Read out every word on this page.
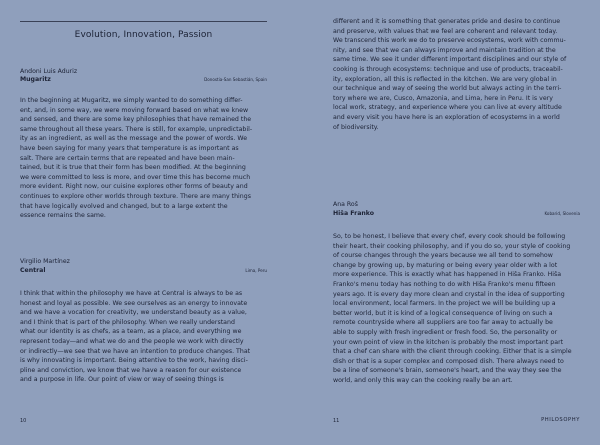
Evolution, Innovation, Passion
Andoni Luis Aduriz
Mugaritz	Donostia-San Sebastián, Spain
In the beginning at Mugaritz, we simply wanted to do something differ-
ent, and, in some way, we were moving forward based on what we knew
and sensed, and there are some key philosophies that have remained the
same throughout all these years. There is still, for example, unpredictabil-
ity as an ingredient, as well as the message and the power of words. We
have been saying for many years that temperature is as important as
salt. There are certain terms that are repeated and have been main-
tained, but it is true that their form has been modified. At the beginning
we were committed to less is more, and over time this has become much
more evident. Right now, our cuisine explores other forms of beauty and
continues to explore other worlds through texture. There are many things
that have logically evolved and changed, but to a large extent the
essence remains the same.
Virgilio Martínez
Central	Lima, Peru
I think that within the philosophy we have at Central is always to be as
honest and loyal as possible. We see ourselves as an energy to innovate
and we have a vocation for creativity, we understand beauty as a value,
and I think that is part of the philosophy. When we really understand
what our identity is as chefs, as a team, as a place, and everything we
represent today—and what we do and the people we work with directly
or indirectly—we see that we have an intention to produce changes. That
is why innovating is important. Being attentive to the work, having disci-
pline and conviction, we know that we have a reason for our existence
and a purpose in life. Our point of view or way of seeing things is
10
different and it is something that generates pride and desire to continue
and preserve, with values that we feel are coherent and relevant today.
We transcend this work we do to preserve ecosystems, work with commu-
nity, and see that we can always improve and maintain tradition at the
same time. We see it under different important disciplines and our style of
cooking is through ecosystems: technique and use of products, traceabil-
ity, exploration, all this is reflected in the kitchen. We are very global in
our technique and way of seeing the world but always acting in the terri-
tory where we are, Cusco, Amazonia, and Lima, here in Peru. It is very
local work, strategy, and experience where you can live at every altitude
and every visit you have here is an exploration of ecosystems in a world
of biodiversity.
Ana Roš
Hiša Franko	Kobarid, Slovenia
So, to be honest, I believe that every chef, every cook should be following
their heart, their cooking philosophy, and if you do so, your style of cooking
of course changes through the years because we all tend to somehow
change by growing up, by maturing or being every year older with a lot
more experience. This is exactly what has happened in Hiša Franko. Hiša
Franko's menu today has nothing to do with Hiša Franko's menu fifteen
years ago. It is every day more clean and crystal in the idea of supporting
local environment, local farmers. In the project we will be building up a
better world, but it is kind of a logical consequence of living on such a
remote countryside where all suppliers are too far away to actually be
able to supply with fresh ingredient or fresh food. So, the personality or
your own point of view in the kitchen is probably the most important part
that a chef can share with the client through cooking. Either that is a simple
dish or that is a super complex and composed dish. There always need to
be a line of someone's brain, someone's heart, and the way they see the
world, and only this way can the cooking really be an art.
11	PHILOSOPHY
